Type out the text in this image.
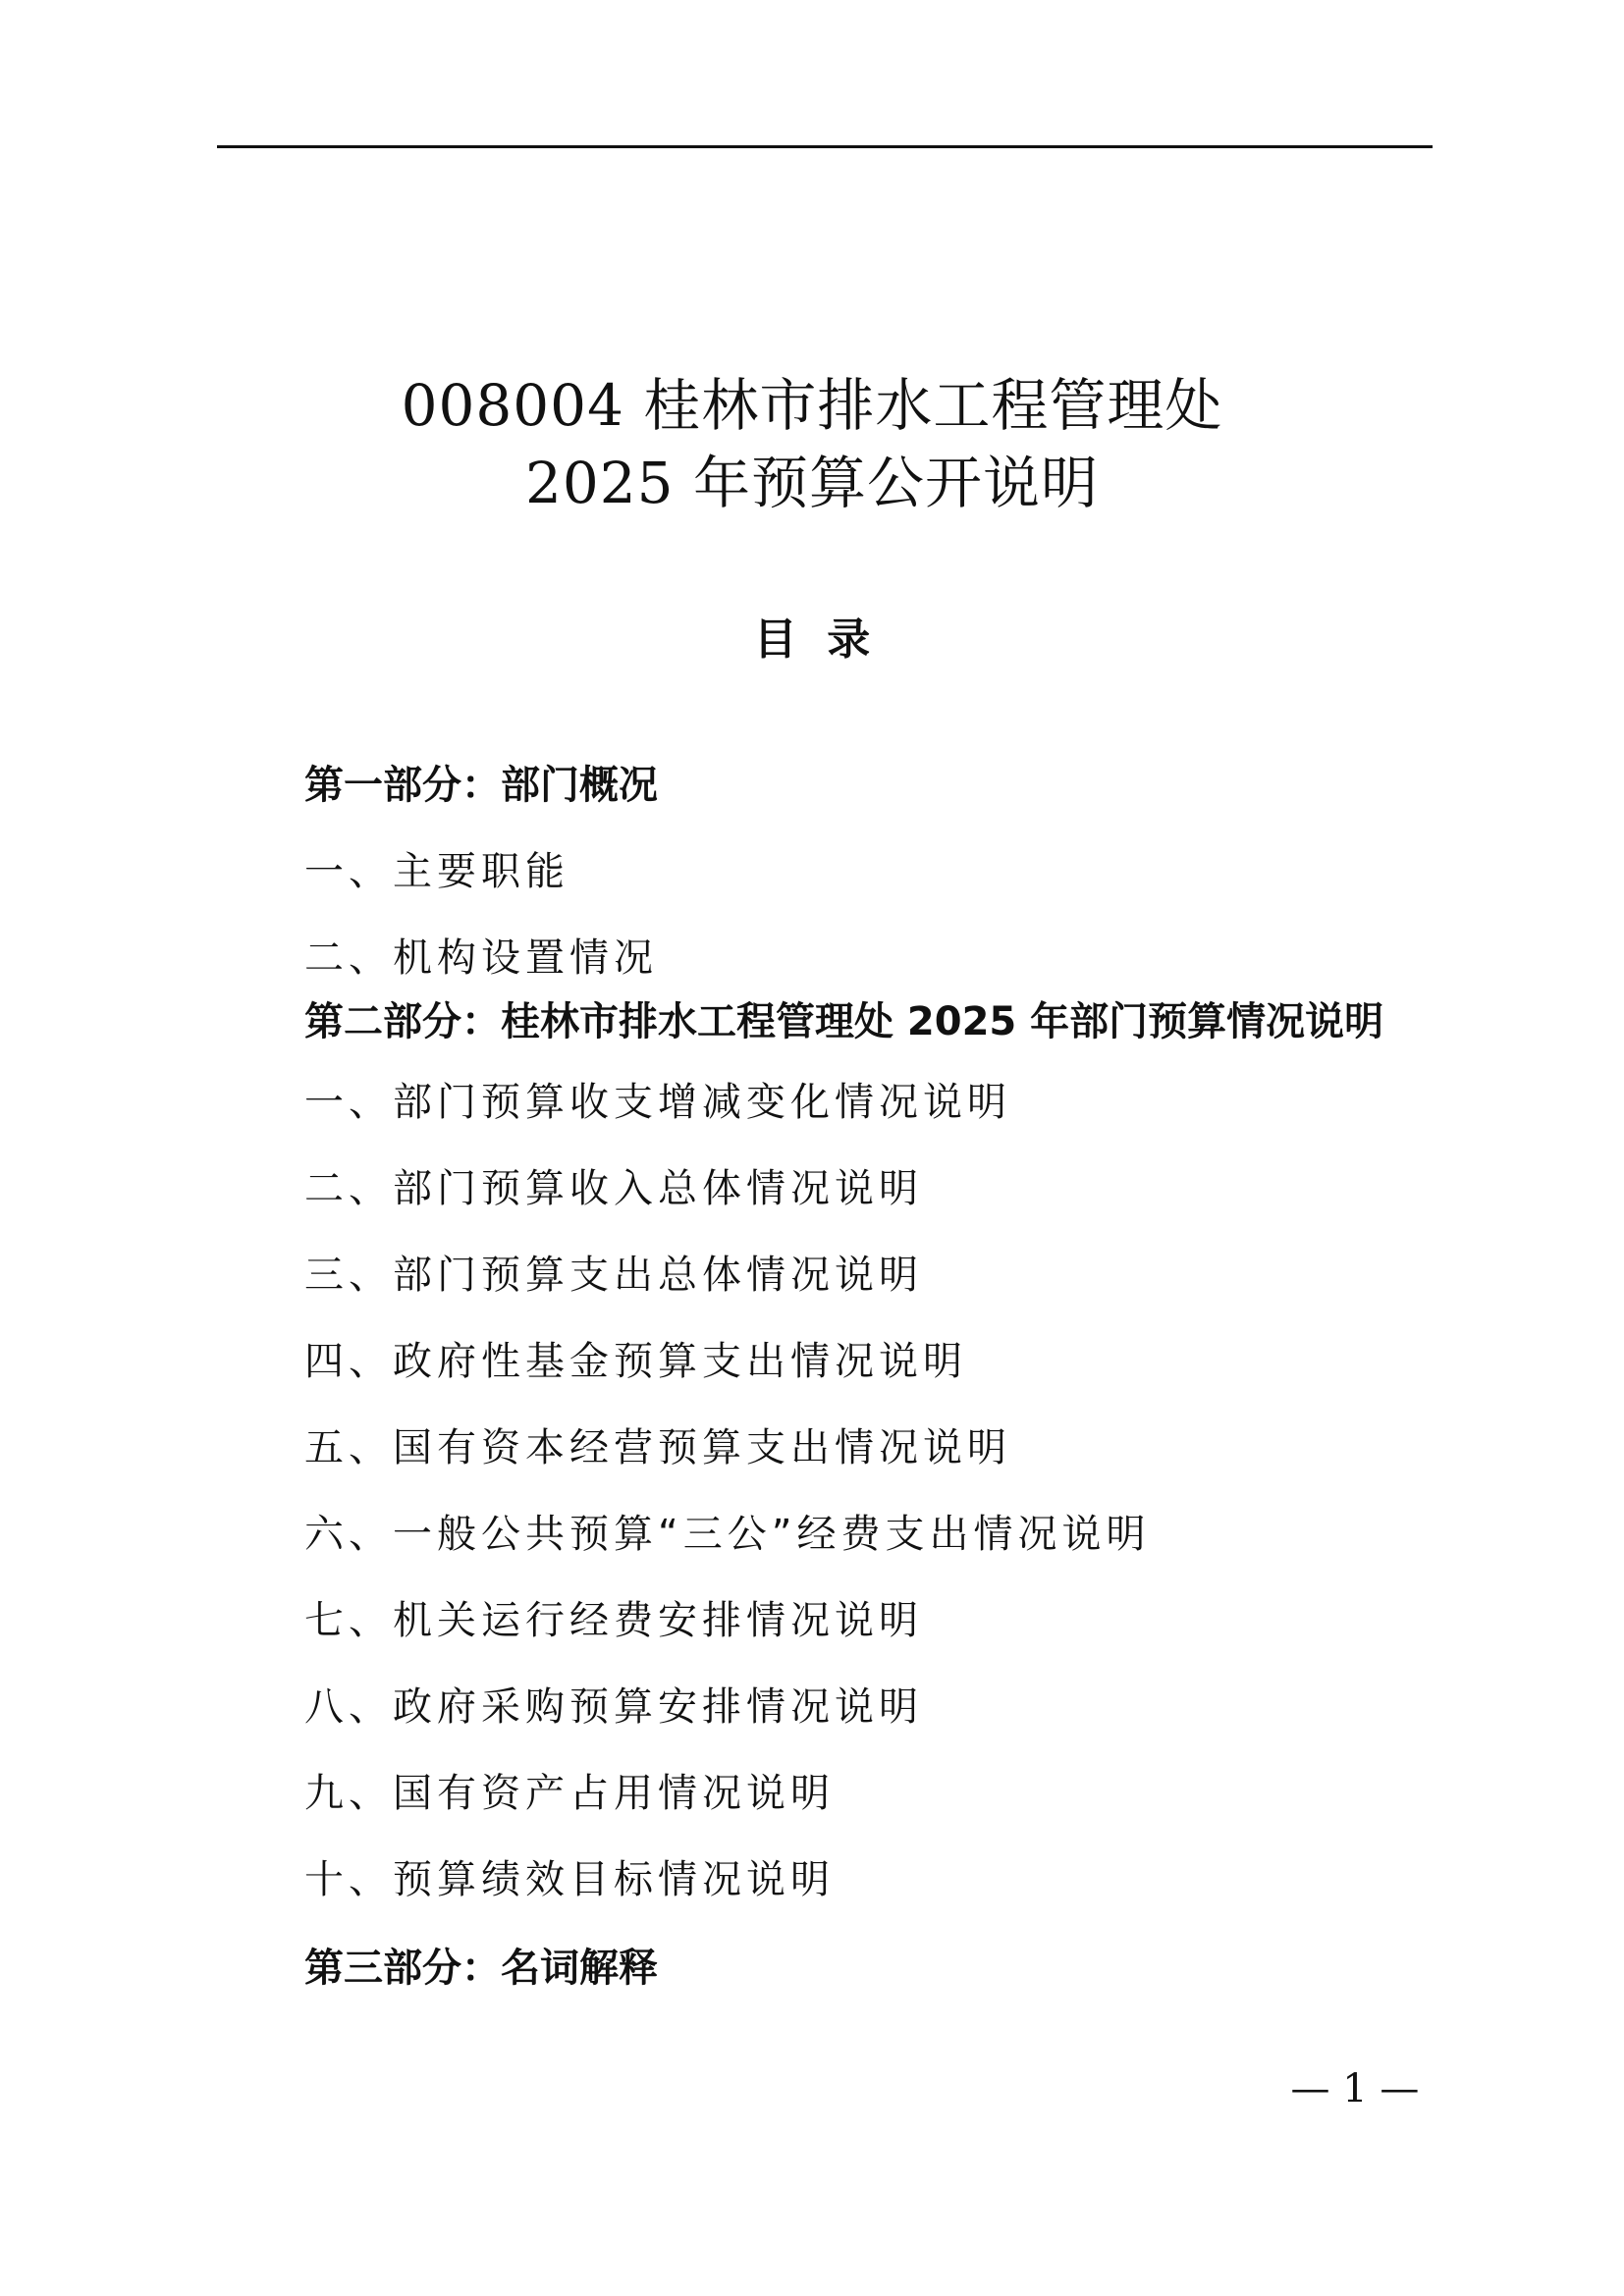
008004 桂林市排水工程管理处
2025 年预算公开说明
目  录
第一部分：部门概况
一、主要职能
二、机构设置情况
第二部分：桂林市排水工程管理处 2025 年部门预算情况说明
一、部门预算收支增减变化情况说明
二、部门预算收入总体情况说明
三、部门预算支出总体情况说明
四、政府性基金预算支出情况说明
五、国有资本经营预算支出情况说明
六、一般公共预算“三公”经费支出情况说明
七、机关运行经费安排情况说明
八、政府采购预算安排情况说明
九、国有资产占用情况说明
十、预算绩效目标情况说明
第三部分：名词解释
— 1 —
